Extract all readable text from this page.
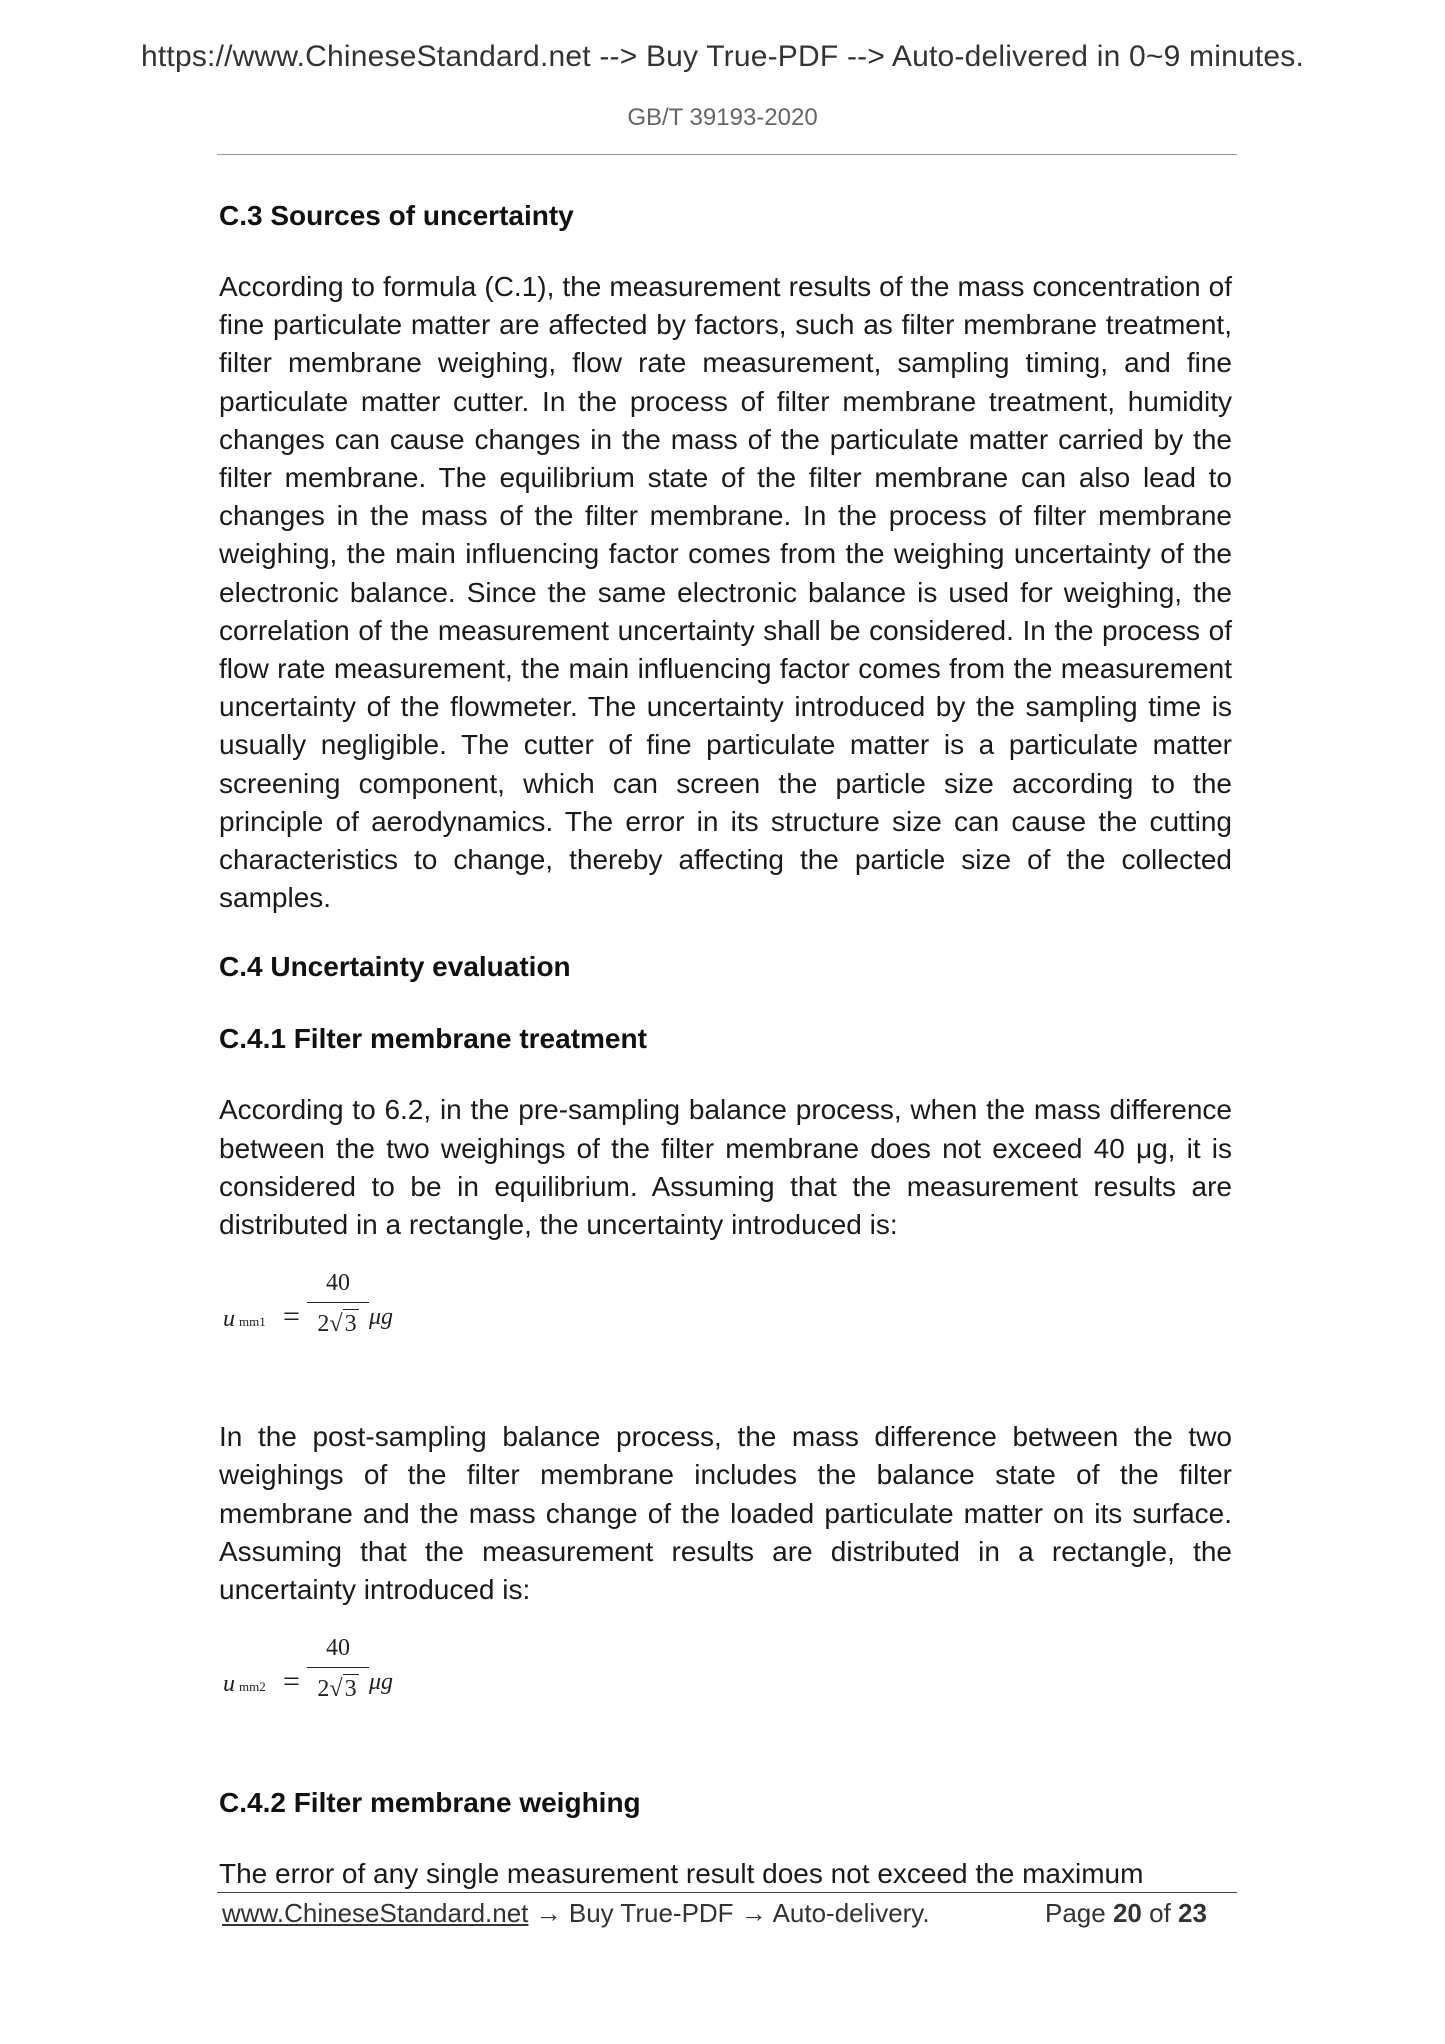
https://www.ChineseStandard.net --> Buy True-PDF --> Auto-delivered in 0~9 minutes.
GB/T 39193-2020
C.3 Sources of uncertainty

According to formula (C.1), the measurement results of the mass concentration of fine particulate matter are affected by factors, such as filter membrane treatment, filter membrane weighing, flow rate measurement, sampling timing, and fine particulate matter cutter. In the process of filter membrane treatment, humidity changes can cause changes in the mass of the particulate matter carried by the filter membrane. The equilibrium state of the filter membrane can also lead to changes in the mass of the filter membrane. In the process of filter membrane weighing, the main influencing factor comes from the weighing uncertainty of the electronic balance. Since the same electronic balance is used for weighing, the correlation of the measurement uncertainty shall be considered. In the process of flow rate measurement, the main influencing factor comes from the measurement uncertainty of the flowmeter. The uncertainty introduced by the sampling time is usually negligible. The cutter of fine particulate matter is a particulate matter screening component, which can screen the particle size according to the principle of aerodynamics. The error in its structure size can cause the cutting characteristics to change, thereby affecting the particle size of the collected samples.

C.4 Uncertainty evaluation
C.4.1 Filter membrane treatment

According to 6.2, in the pre-sampling balance process, when the mass difference between the two weighings of the filter membrane does not exceed 40 μg, it is considered to be in equilibrium. Assuming that the measurement results are distributed in a rectangle, the uncertainty introduced is:

umm1 =
40
2√3 μg

In the post-sampling balance process, the mass difference between the two weighings of the filter membrane includes the balance state of the filter membrane and the mass change of the loaded particulate matter on its surface. Assuming that the measurement results are distributed in a rectangle, the uncertainty introduced is:

umm2 =
40
2√3 μg
C.4.2 Filter membrane weighing

The error of any single measurement result does not exceed the maximum

www.ChineseStandard.net → Buy True-PDF → Auto-delivery.	Page 20 of 23
